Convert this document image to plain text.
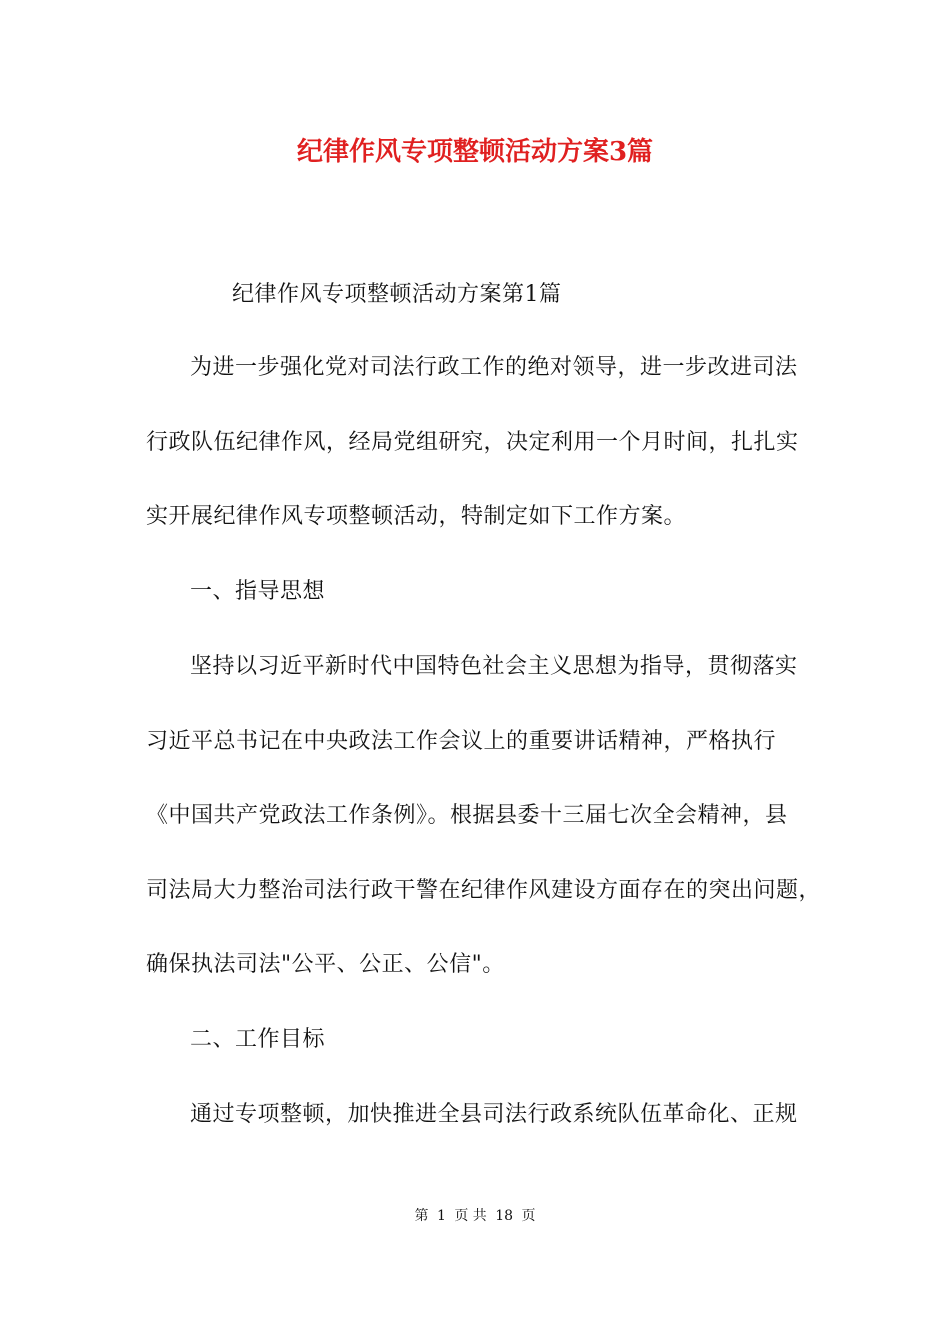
纪律作风专项整顿活动方案3篇
纪律作风专项整顿活动方案第1篇
为进一步强化党对司法行政工作的绝对领导，进一步改进司法
行政队伍纪律作风，经局党组研究，决定利用一个月时间，扎扎实
实开展纪律作风专项整顿活动，特制定如下工作方案。
一、指导思想
坚持以习近平新时代中国特色社会主义思想为指导，贯彻落实
习近平总书记在中央政法工作会议上的重要讲话精神，严格执行
《中国共产党政法工作条例》。根据县委十三届七次全会精神，县
司法局大力整治司法行政干警在纪律作风建设方面存在的突出问题，
确保执法司法"公平、公正、公信"。
二、工作目标
通过专项整顿，加快推进全县司法行政系统队伍革命化、正规
第 1 页 共 18 页
